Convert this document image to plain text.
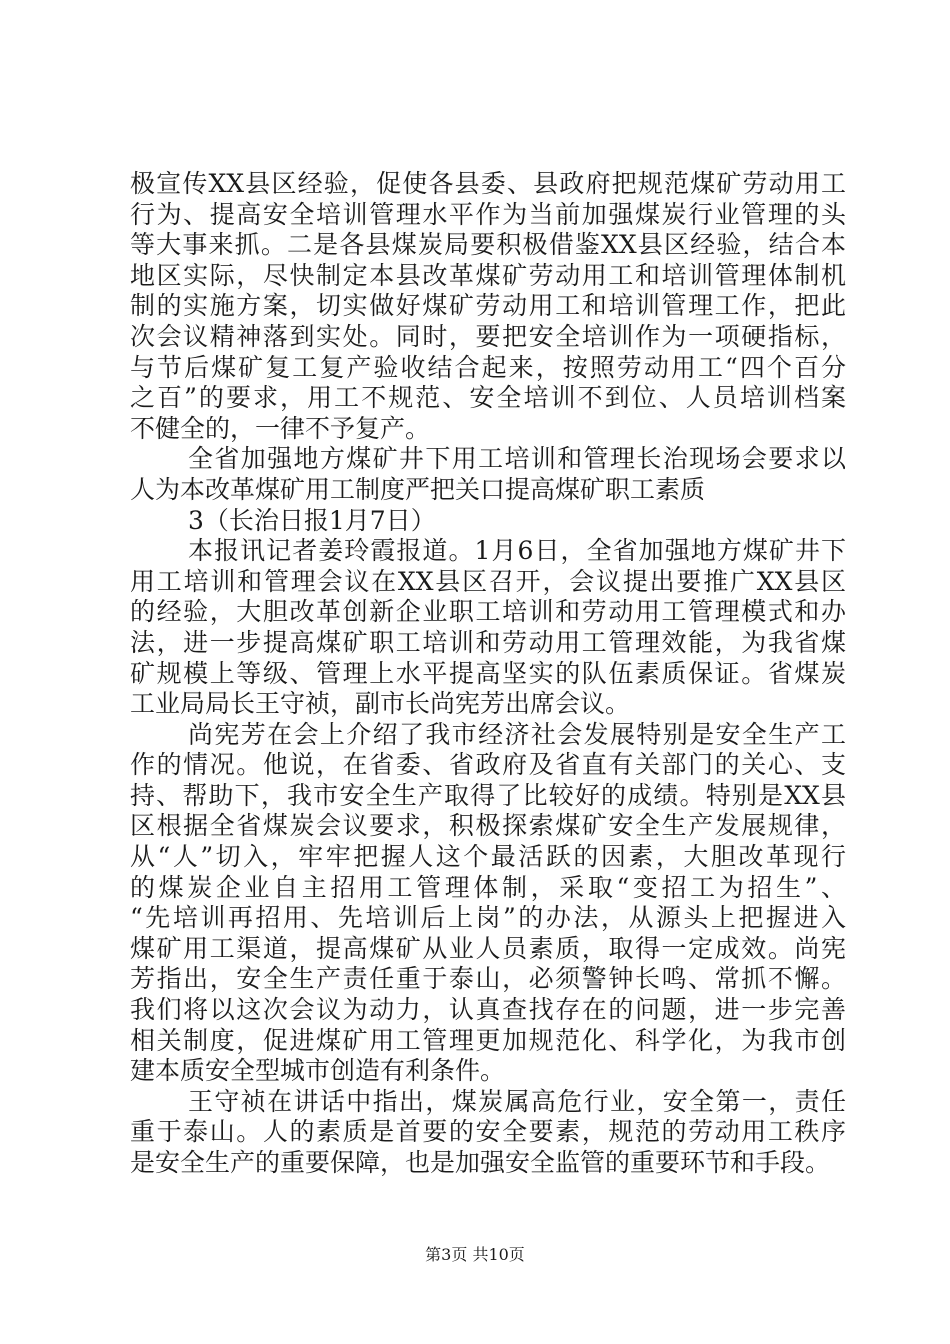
极宣传XX县区经验，促使各县委、县政府把规范煤矿劳动用工
行为、提高安全培训管理水平作为当前加强煤炭行业管理的头
等大事来抓。二是各县煤炭局要积极借鉴XX县区经验，结合本
地区实际，尽快制定本县改革煤矿劳动用工和培训管理体制机
制的实施方案，切实做好煤矿劳动用工和培训管理工作，把此
次会议精神落到实处。同时，要把安全培训作为一项硬指标，
与节后煤矿复工复产验收结合起来，按照劳动用工“四个百分
之百”的要求，用工不规范、安全培训不到位、人员培训档案
不健全的，一律不予复产。
全省加强地方煤矿井下用工培训和管理长治现场会要求以
人为本改革煤矿用工制度严把关口提高煤矿职工素质
3（长治日报1月7日）
本报讯记者姜玲霞报道。1月6日，全省加强地方煤矿井下
用工培训和管理会议在XX县区召开，会议提出要推广XX县区
的经验，大胆改革创新企业职工培训和劳动用工管理模式和办
法，进一步提高煤矿职工培训和劳动用工管理效能，为我省煤
矿规模上等级、管理上水平提高坚实的队伍素质保证。省煤炭
工业局局长王守祯，副市长尚宪芳出席会议。
尚宪芳在会上介绍了我市经济社会发展特别是安全生产工
作的情况。他说，在省委、省政府及省直有关部门的关心、支
持、帮助下，我市安全生产取得了比较好的成绩。特别是XX县
区根据全省煤炭会议要求，积极探索煤矿安全生产发展规律，
从“人”切入，牢牢把握人这个最活跃的因素，大胆改革现行
的煤炭企业自主招用工管理体制，采取“变招工为招生”、
“先培训再招用、先培训后上岗”的办法，从源头上把握进入
煤矿用工渠道，提高煤矿从业人员素质，取得一定成效。尚宪
芳指出，安全生产责任重于泰山，必须警钟长鸣、常抓不懈。
我们将以这次会议为动力，认真查找存在的问题，进一步完善
相关制度，促进煤矿用工管理更加规范化、科学化，为我市创
建本质安全型城市创造有利条件。
王守祯在讲话中指出，煤炭属高危行业，安全第一，责任
重于泰山。人的素质是首要的安全要素，规范的劳动用工秩序
是安全生产的重要保障，也是加强安全监管的重要环节和手段。
第3页 共10页
